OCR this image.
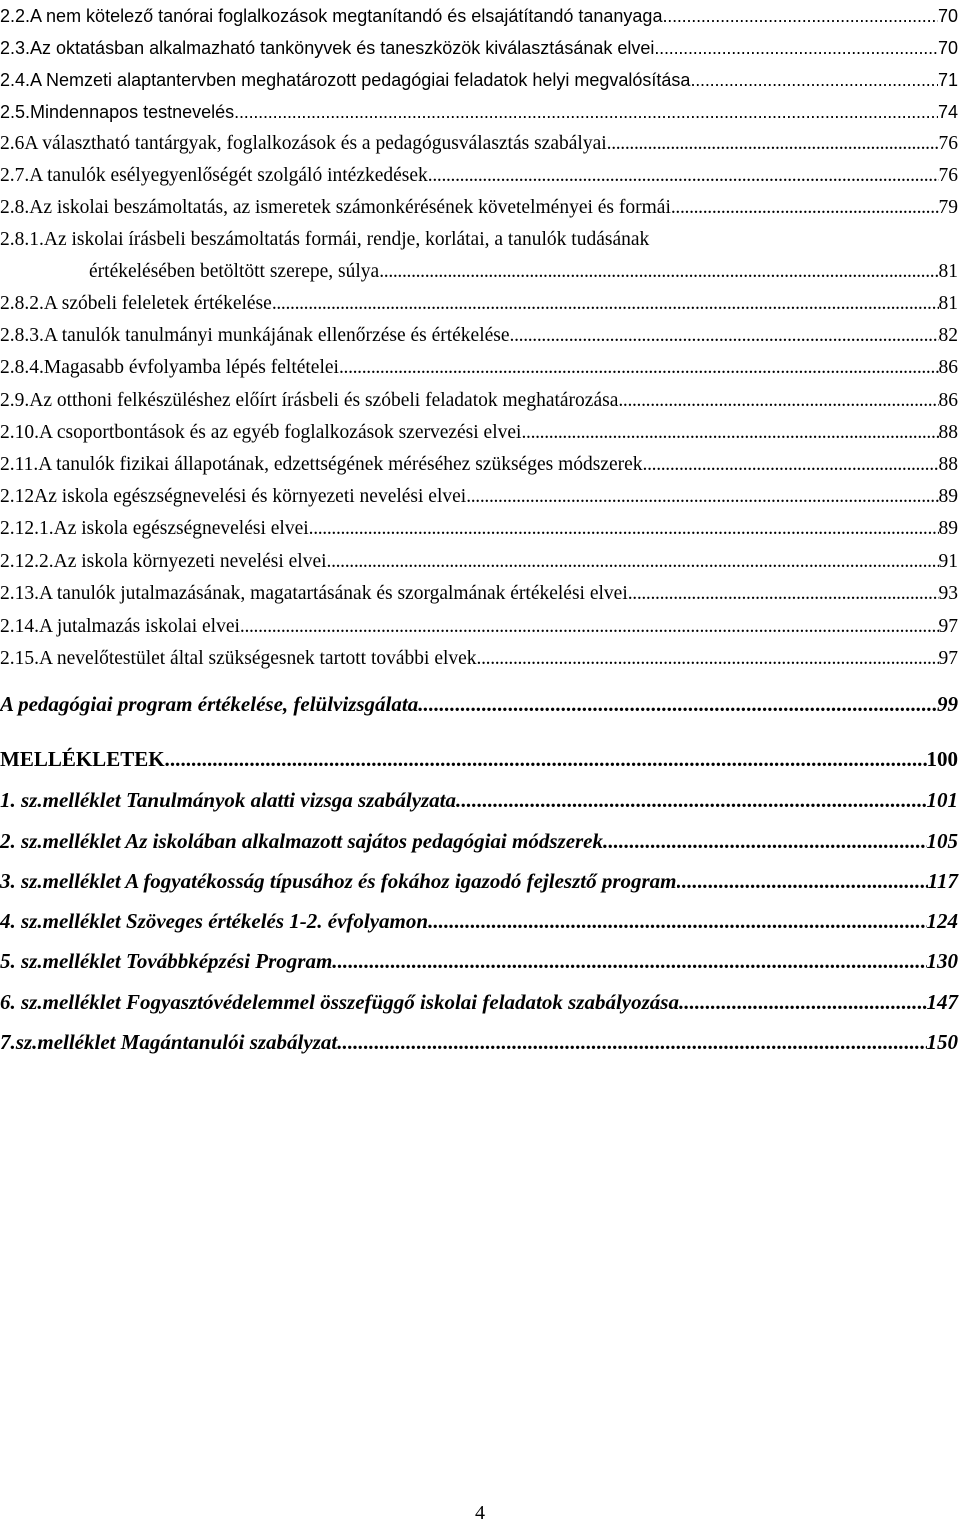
2.2. A nem kötelező tanórai foglalkozások megtanítandó és elsajátítandó tananyaga . . .	70
2.3. Az oktatásban alkalmazható tankönyvek és taneszközök kiválasztásának elvei . . .	70
2.4. A Nemzeti alaptantervben meghatározott pedagógiai feladatok helyi megvalósítása . . .	71
2.5. Mindennapos testnevelés . . .	74
2.6 A választható tantárgyak, foglalkozások és a pedagógusválasztás szabályai . . .	76
2.7. A tanulók esélyegyenlőségét szolgáló intézkedések . . .	76
2.8. Az iskolai beszámoltatás, az ismeretek számonkérésének követelményei és formái . . .	79
2.8.1. Az iskolai írásbeli beszámoltatás formái, rendje, korlátai, a tanulók tudásának
értékelésében betöltött szerepe, súlya . . .	81
2.8.2. A szóbeli feleletek értékelése . . .	81
2.8.3. A tanulók tanulmányi munkájának ellenőrzése és értékelése . . .	82
2.8.4. Magasabb évfolyamba lépés feltételei . . .	86
2.9. Az otthoni felkészüléshez előírt írásbeli és szóbeli feladatok meghatározása . . .	86
2.10. A csoportbontások és az egyéb foglalkozások szervezési elvei . . .	88
2.11. A tanulók fizikai állapotának, edzettségének méréséhez szükséges módszerek . . .	88
2.12 Az iskola egészségnevelési és környezeti nevelési elvei . . .	89
2.12.1. Az iskola egészségnevelési elvei . . .	89
2.12.2. Az iskola környezeti nevelési elvei . . .	91
2.13. A tanulók jutalmazásának, magatartásának és szorgalmának értékelési elvei . . .	93
2.14. A jutalmazás iskolai elvei . . .	97
2.15. A nevelőtestület által szükségesnek tartott további elvek . . .	97
A pedagógiai program értékelése, felülvizsgálata . . .	99
MELLÉKLETEK . . .	100
1. sz. melléklet Tanulmányok alatti vizsga szabályzata . . .	101
2. sz. melléklet Az iskolában alkalmazott sajátos pedagógiai módszerek . . .	105
3. sz. melléklet A fogyatékosság típusához és fokához igazodó fejlesztő program . . .	117
4. sz. melléklet Szöveges értékelés 1-2. évfolyamon . . .	124
5. sz. melléklet Továbbképzési Program . . .	130
6. sz. melléklet Fogyasztóvédelemmel összefüggő iskolai feladatok szabályozása . . .	147
7.sz. melléklet Magántanulói szabályzat . . .	150
4
